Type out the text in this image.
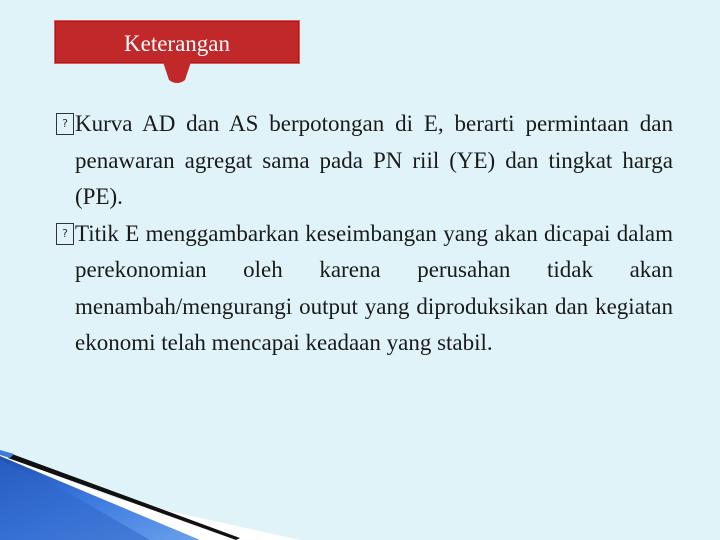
Keterangan
? Kurva AD dan AS berpotongan di E, berarti permintaan dan penawaran agregat sama pada PN riil (YE) dan tingkat harga (PE).
? Titik E menggambarkan keseimbangan yang akan dicapai dalam perekonomian oleh karena perusahan tidak akan menambah/mengurangi output yang diproduksikan dan kegiatan ekonomi telah mencapai keadaan yang stabil.
